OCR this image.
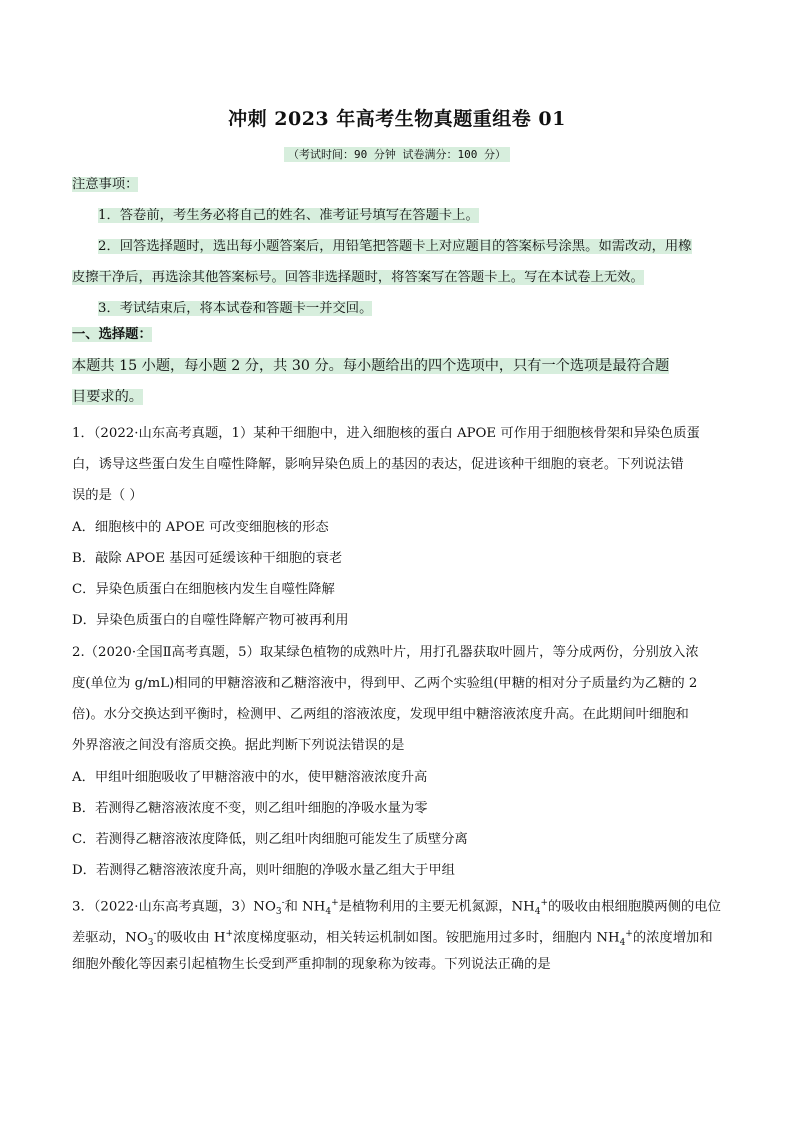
冲刺 2023 年高考生物真题重组卷 01
（考试时间：90 分钟 试卷满分：100 分）
注意事项：
1．答卷前，考生务必将自己的姓名、准考证号填写在答题卡上。
2．回答选择题时，选出每小题答案后，用铅笔把答题卡上对应题目的答案标号涂黑。如需改动，用橡
皮擦干净后，再选涂其他答案标号。回答非选择题时，将答案写在答题卡上。写在本试卷上无效。
3．考试结束后，将本试卷和答题卡一并交回。
一、选择题：
本题共 15 小题，每小题 2 分，共 30 分。每小题给出的四个选项中，只有一个选项是最符合题
目要求的。
1．（2022·山东高考真题，1）某种干细胞中，进入细胞核的蛋白 APOE 可作用于细胞核骨架和异染色质蛋
白，诱导这些蛋白发生自噬性降解，影响异染色质上的基因的表达，促进该种干细胞的衰老。下列说法错
误的是（ ）
A．细胞核中的 APOE 可改变细胞核的形态
B．敲除 APOE 基因可延缓该种干细胞的衰老
C．异染色质蛋白在细胞核内发生自噬性降解
D．异染色质蛋白的自噬性降解产物可被再利用
2.（2020·全国Ⅱ高考真题，5）取某绿色植物的成熟叶片，用打孔器获取叶圆片，等分成两份，分别放入浓
度(单位为 g/mL)相同的甲糖溶液和乙糖溶液中，得到甲、乙两个实验组(甲糖的相对分子质量约为乙糖的 2
倍)。水分交换达到平衡时，检测甲、乙两组的溶液浓度，发现甲组中糖溶液浓度升高。在此期间叶细胞和
外界溶液之间没有溶质交换。据此判断下列说法错误的是
A．甲组叶细胞吸收了甲糖溶液中的水，使甲糖溶液浓度升高
B．若测得乙糖溶液浓度不变，则乙组叶细胞的净吸水量为零
C．若测得乙糖溶液浓度降低，则乙组叶肉细胞可能发生了质壁分离
D．若测得乙糖溶液浓度升高，则叶细胞的净吸水量乙组大于甲组
3．（2022·山东高考真题，$3)NO_3^-$和 $NH_4^+$是植物利用的主要无机氮源，$NH_4^+$的吸收由根细胞膜两侧的电位
差驱动，$NO_3^-$的吸收由 H+浓度梯度驱动，相关转运机制如图。铵肥施用过多时，细胞内 $NH_4^+$的浓度增加和
细胞外酸化等因素引起植物生长受到严重抑制的现象称为铵毒。下列说法正确的是
